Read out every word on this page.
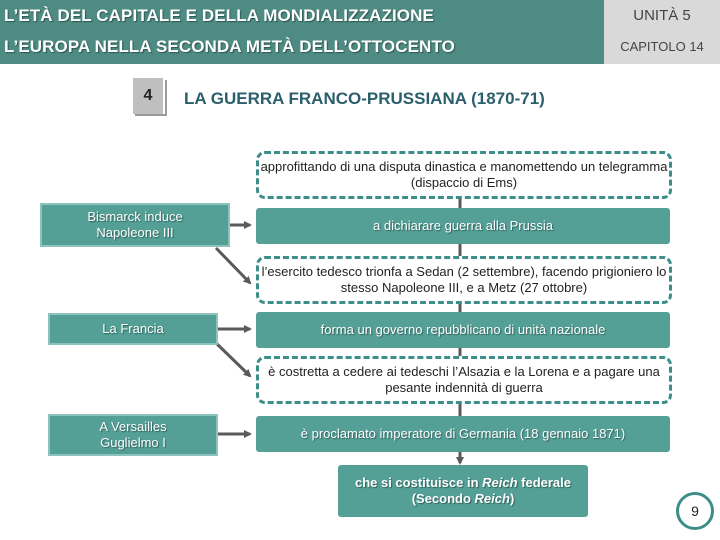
L’ETÀ DEL CAPITALE E DELLA MONDIALIZZAZIONE
L’EUROPA NELLA SECONDA METÀ DELL’OTTOCENTO
UNITÀ 5
CAPITOLO 14
4	LA GUERRA FRANCO-PRUSSIANA (1870-71)
approfittando di una disputa dinastica e manomettendo un telegramma (dispaccio di Ems)
a dichiarare guerra alla Prussia
l’esercito tedesco trionfa a Sedan (2 settembre), facendo prigioniero lo stesso Napoleone III, e a Metz (27 ottobre)
forma un governo repubblicano di unità nazionale
è costretta a cedere ai tedeschi l’Alsazia e la Lorena e a pagare una pesante indennità di guerra
è proclamato imperatore di Germania (18 gennaio 1871)
Bismarck induce
Napoleone III
La Francia
A Versailles
Guglielmo I
che si costituisce in Reich federale
(Secondo Reich)
9
